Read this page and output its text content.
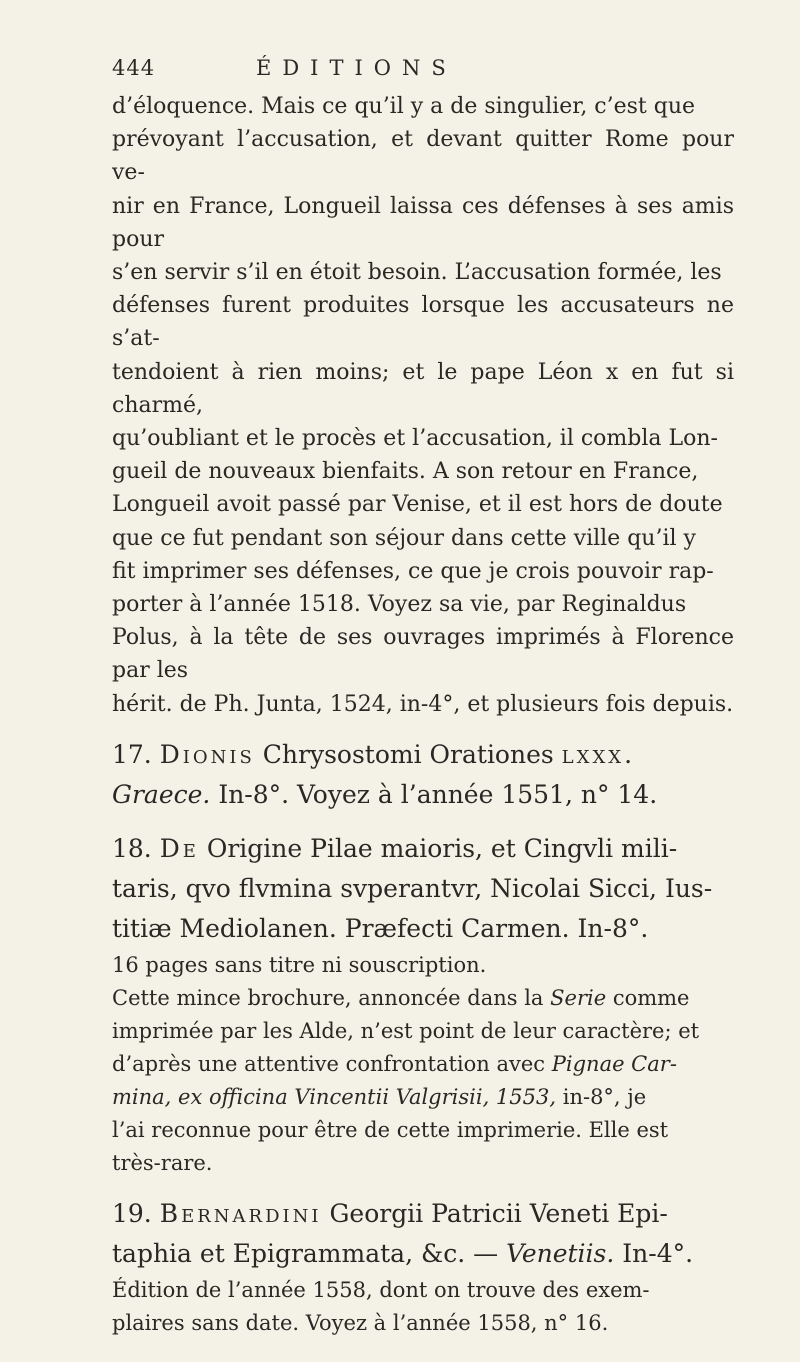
444	ÉDITIONS

d’éloquence. Mais ce qu’il y a de singulier, c’est que
prévoyant l’accusation, et devant quitter Rome pour ve-
nir en France, Longueil laissa ces défenses à ses amis pour
s’en servir s’il en étoit besoin. L’accusation formée, les
défenses furent produites lorsque les accusateurs ne s’at-
tendoient à rien moins; et le pape Léon x en fut si charmé,
qu’oubliant et le procès et l’accusation, il combla Lon-
gueil de nouveaux bienfaits. A son retour en France,
Longueil avoit passé par Venise, et il est hors de doute
que ce fut pendant son séjour dans cette ville qu’il y
fit imprimer ses défenses, ce que je crois pouvoir rap-
porter à l’année 1518. Voyez sa vie, par Reginaldus
Polus, à la tête de ses ouvrages imprimés à Florence par les
hérit. de Ph. Junta, 1524, in-4°, et plusieurs fois depuis.

17. Dionis Chrysostomi Orationes lxxx.
Graece. In-8°. Voyez à l’année 1551, n° 14.

18. De Origine Pilae maioris, et Cingvli mili-
taris, qvo flvmina svperantvr, Nicolai Sicci, Ius-
titiæ Mediolanen. Præfecti Carmen. In-8°.

16 pages sans titre ni souscription.
Cette mince brochure, annoncée dans la Serie comme
imprimée par les Alde, n’est point de leur caractère; et
d’après une attentive confrontation avec Pignae Car-
mina, ex officina Vincentii Valgrisii, 1553, in-8°, je
l’ai reconnue pour être de cette imprimerie. Elle est
très-rare.

19. Bernardini Georgii Patricii Veneti Epi-
taphia et Epigrammata, &c. — Venetiis. In-4°.

Édition de l’année 1558, dont on trouve des exem-
plaires sans date. Voyez à l’année 1558, n° 16.
